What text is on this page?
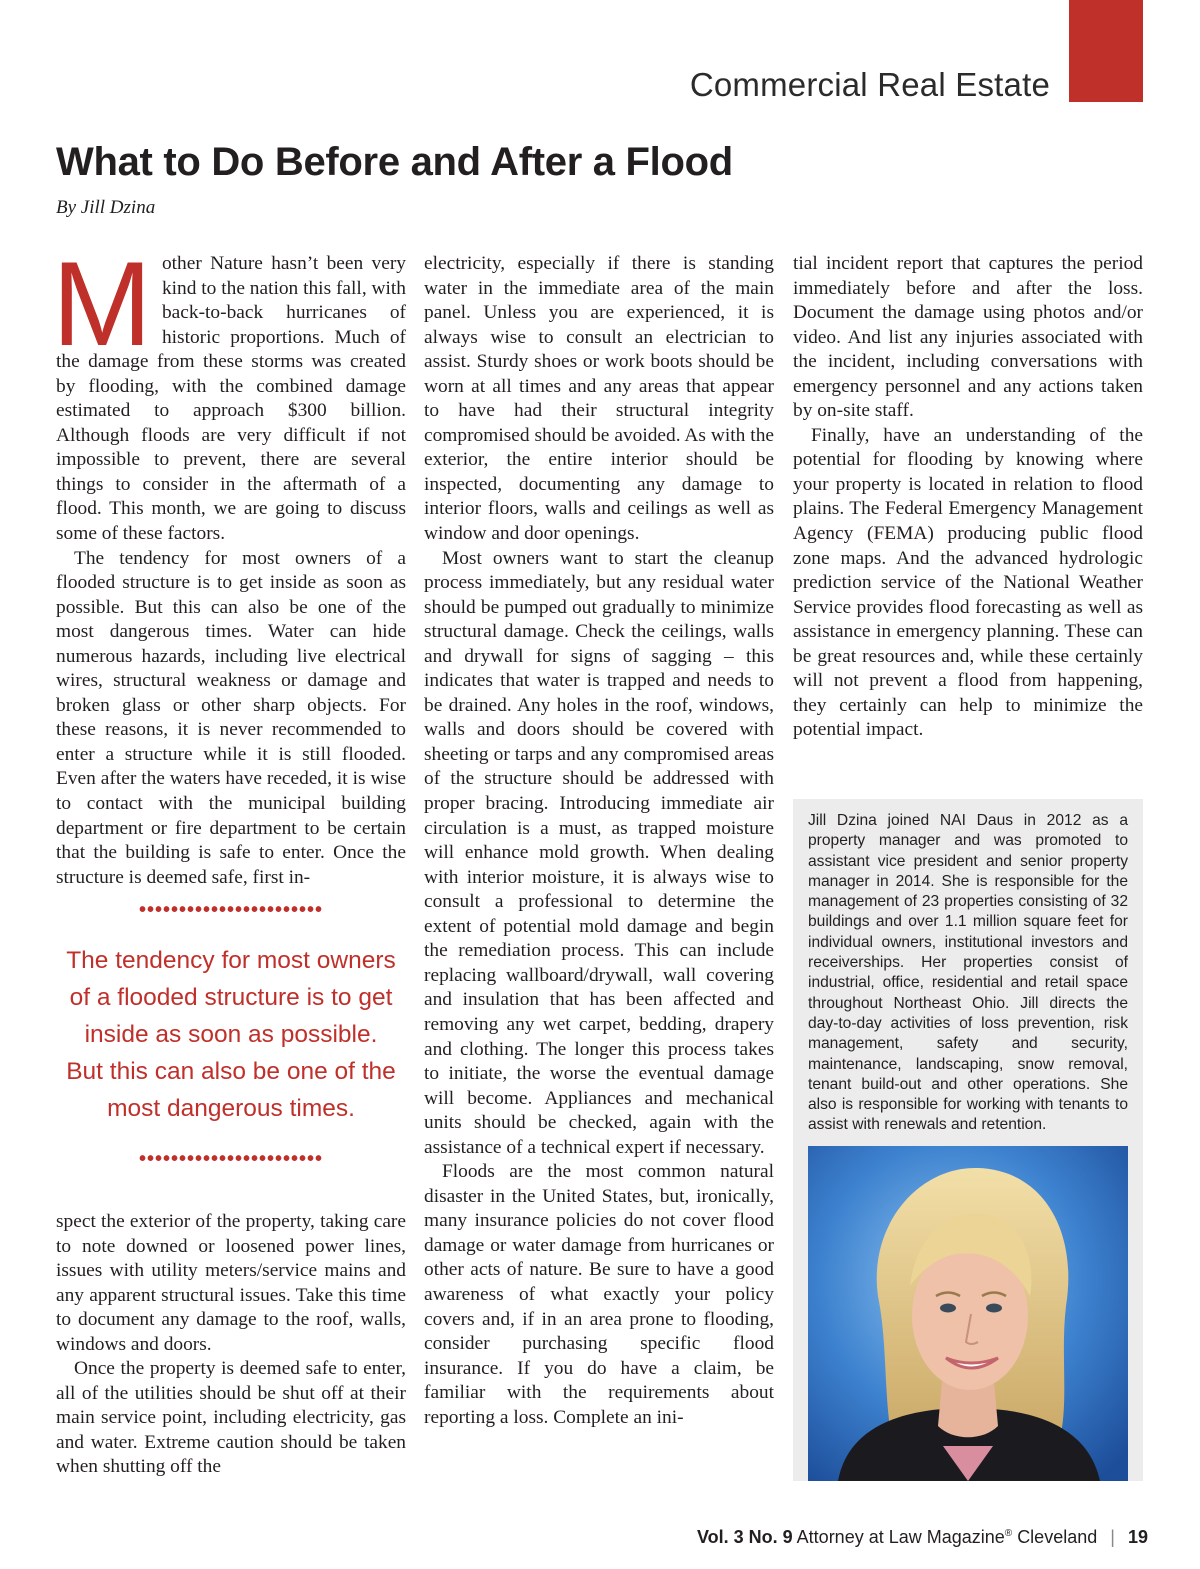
Commercial Real Estate
What to Do Before and After a Flood
By Jill Dzina

Mother Nature hasn’t been very kind to the nation this fall, with back-to-back hurricanes of historic proportions. Much of the damage from these storms was created by flooding, with the combined damage estimated to approach $300 billion. Although floods are very difficult if not impossible to prevent, there are several things to consider in the aftermath of a flood. This month, we are going to discuss some of these factors.

The tendency for most owners of a flooded structure is to get inside as soon as possible. But this can also be one of the most dangerous times. Water can hide numerous hazards, including live electrical wires, structural weakness or damage and broken glass or other sharp objects. For these reasons, it is never recommended to enter a structure while it is still flooded. Even after the waters have receded, it is wise to contact with the municipal building department or fire department to be certain that the building is safe to enter. Once the structure is deemed safe, first in-

•••••••••••••••••••••••
The tendency for most owners of a flooded structure is to get inside as soon as possible. But this can also be one of the most dangerous times.
•••••••••••••••••••••••

spect the exterior of the property, taking care to note downed or loosened power lines, issues with utility meters/service mains and any apparent structural issues. Take this time to document any damage to the roof, walls, windows and doors.

Once the property is deemed safe to enter, all of the utilities should be shut off at their main service point, including electricity, gas and water. Extreme caution should be taken when shutting off the

electricity, especially if there is standing water in the immediate area of the main panel. Unless you are experienced, it is always wise to consult an electrician to assist. Sturdy shoes or work boots should be worn at all times and any areas that appear to have had their structural integrity compromised should be avoided. As with the exterior, the entire interior should be inspected, documenting any damage to interior floors, walls and ceilings as well as window and door openings.

Most owners want to start the cleanup process immediately, but any residual water should be pumped out gradually to minimize structural damage. Check the ceilings, walls and drywall for signs of sagging – this indicates that water is trapped and needs to be drained. Any holes in the roof, windows, walls and doors should be covered with sheeting or tarps and any compromised areas of the structure should be addressed with proper bracing. Introducing immediate air circulation is a must, as trapped moisture will enhance mold growth. When dealing with interior moisture, it is always wise to consult a professional to determine the extent of potential mold damage and begin the remediation process. This can include replacing wallboard/drywall, wall covering and insulation that has been affected and removing any wet carpet, bedding, drapery and clothing. The longer this process takes to initiate, the worse the eventual damage will become. Appliances and mechanical units should be checked, again with the assistance of a technical expert if necessary.

Floods are the most common natural disaster in the United States, but, ironically, many insurance policies do not cover flood damage or water damage from hurricanes or other acts of nature. Be sure to have a good awareness of what exactly your policy covers and, if in an area prone to flooding, consider purchasing specific flood insurance. If you do have a claim, be familiar with the requirements about reporting a loss. Complete an ini-

tial incident report that captures the period immediately before and after the loss. Document the damage using photos and/or video. And list any injuries associated with the incident, including conversations with emergency personnel and any actions taken by on-site staff.

Finally, have an understanding of the potential for flooding by knowing where your property is located in relation to flood plains. The Federal Emergency Management Agency (FEMA) producing public flood zone maps. And the advanced hydrologic prediction service of the National Weather Service provides flood forecasting as well as assistance in emergency planning. These can be great resources and, while these certainly will not prevent a flood from happening, they certainly can help to minimize the potential impact.

Jill Dzina joined NAI Daus in 2012 as a property manager and was promoted to assistant vice president and senior property manager in 2014. She is responsible for the management of 23 properties consisting of 32 buildings and over 1.1 million square feet for individual owners, institutional investors and receiverships. Her properties consist of industrial, office, residential and retail space throughout Northeast Ohio. Jill directs the day-to-day activities of loss prevention, risk management, safety and security, maintenance, landscaping, snow removal, tenant build-out and other operations. She also is responsible for working with tenants to assist with renewals and retention.

Vol. 3 No. 9 Attorney at Law Magazine® Cleveland | 19
